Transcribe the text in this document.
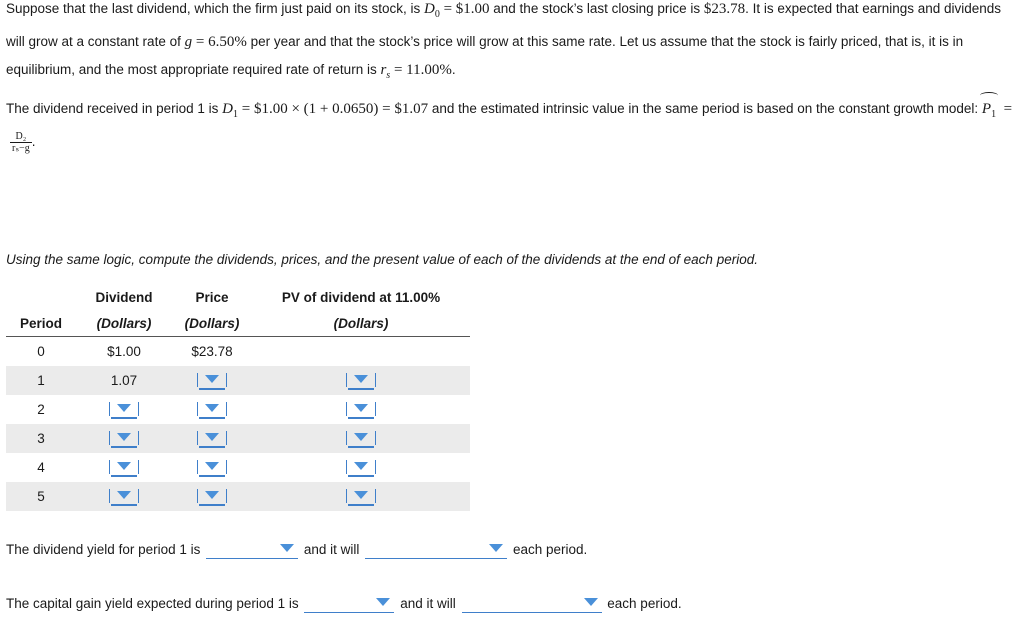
Suppose that the last dividend, which the firm just paid on its stock, is $D_0$ = $1.00 and the stock’s last closing price is $23.78. It is expected that earnings and dividends will grow at a constant rate of g = 6.50% per year and that the stock’s price will grow at this same rate. Let us assume that the stock is fairly priced, that is, it is in equilibrium, and the most appropriate required rate of return is $r_s = 11.00\%$.

The dividend received in period 1 is $D_1$ = $1.00 × (1 + 0.0650) = $1.07 and the estimated intrinsic value in the same period is based on the constant growth model: $P_1$  =
$\frac{\text{D₂}}{\text{rₛ−g}}$ .

Using the same logic, compute the dividends, prices, and the present value of each of the dividends at the end of each period.

	Dividend	Price	PV of dividend at 11.00%
Period	(Dollars)	(Dollars)	(Dollars)
0	$1.00	$23.78	
1	1.07	

2	

3	

4	

5	

The dividend yield for period 1 is	and it will	each period.
The capital gain yield expected during period 1 is	and it will	each period.
